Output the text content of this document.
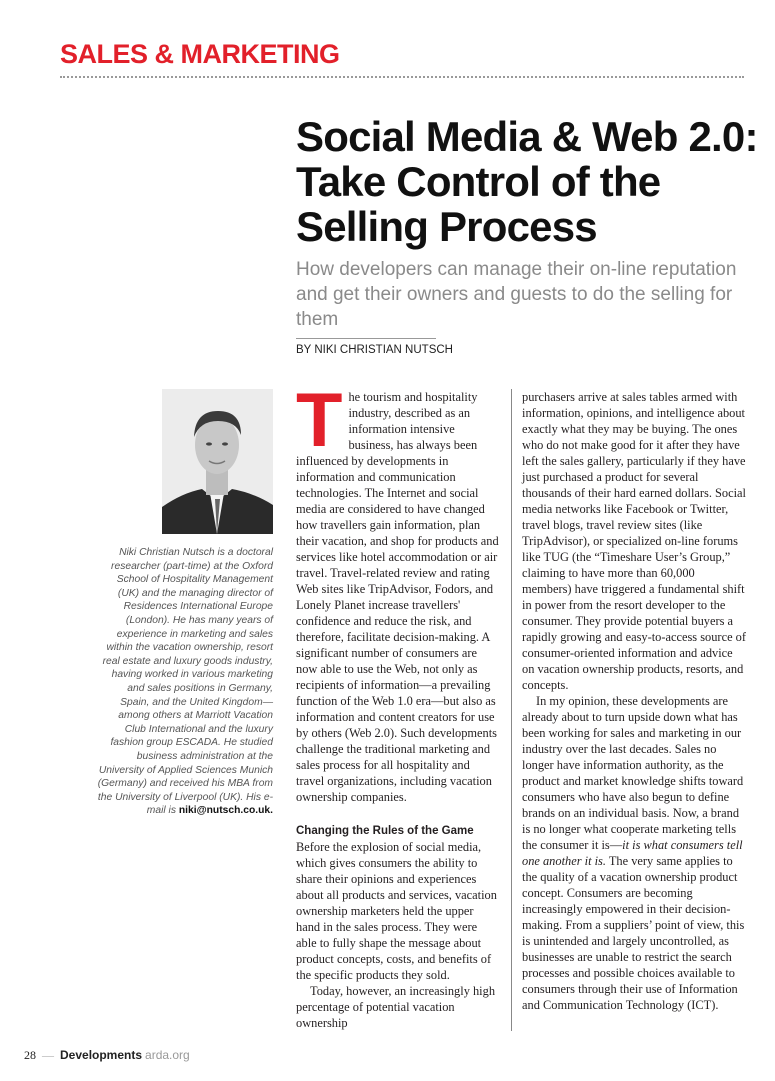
SALES & MARKETING
Social Media & Web 2.0: Take Control of the Selling Process
How developers can manage their on-line reputation and get their owners and guests to do the selling for them
BY NIKI CHRISTIAN NUTSCH
Niki Christian Nutsch is a doctoral researcher (part-time) at the Oxford School of Hospitality Management (UK) and the managing director of Residences International Europe (London). He has many years of experience in marketing and sales within the vacation ownership, resort real estate and luxury goods industry, having worked in various marketing and sales positions in Germany, Spain, and the United Kingdom—among others at Marriott Vacation Club International and the luxury fashion group ESCADA. He studied business administration at the University of Applied Sciences Munich (Germany) and received his MBA from the University of Liverpool (UK). His e-mail is niki@nutsch.co.uk.

The tourism and hospitality industry, described as an information intensive business, has always been influenced by developments in information and communication technologies. The Internet and social media are considered to have changed how travellers gain information, plan their vacation, and shop for products and services like hotel accommodation or air travel. Travel-related review and rating Web sites like TripAdvisor, Fodors, and Lonely Planet increase travellers' confidence and reduce the risk, and therefore, facilitate decision-making. A significant number of consumers are now able to use the Web, not only as recipients of information—a prevailing function of the Web 1.0 era—but also as information and content creators for use by others (Web 2.0). Such developments challenge the traditional marketing and sales process for all hospitality and travel organizations, including vacation ownership companies.

Changing the Rules of the Game

Before the explosion of social media, which gives consumers the ability to share their opinions and experiences about all products and services, vacation ownership marketers held the upper hand in the sales process. They were able to fully shape the message about product concepts, costs, and benefits of the specific products they sold.

Today, however, an increasingly high percentage of potential vacation ownership

purchasers arrive at sales tables armed with information, opinions, and intelligence about exactly what they may be buying. The ones who do not make good for it after they have left the sales gallery, particularly if they have just purchased a product for several thousands of their hard earned dollars. Social media networks like Facebook or Twitter, travel blogs, travel review sites (like TripAdvisor), or specialized on-line forums like TUG (the “Timeshare User’s Group,” claiming to have more than 60,000 members) have triggered a fundamental shift in power from the resort developer to the consumer. They provide potential buyers a rapidly growing and easy-to-access source of consumer-oriented information and advice on vacation ownership products, resorts, and concepts.

In my opinion, these developments are already about to turn upside down what has been working for sales and marketing in our industry over the last decades. Sales no longer have information authority, as the product and market knowledge shifts toward consumers who have also begun to define brands on an individual basis. Now, a brand is no longer what cooperate marketing tells the consumer it is—it is what consumers tell one another it is. The very same applies to the quality of a vacation ownership product concept. Consumers are becoming increasingly empowered in their decision-making. From a suppliers’ point of view, this is unintended and largely uncontrolled, as businesses are unable to restrict the search processes and possible choices available to consumers through their use of Information and Communication Technology (ICT).

28 — Developments arda.org
